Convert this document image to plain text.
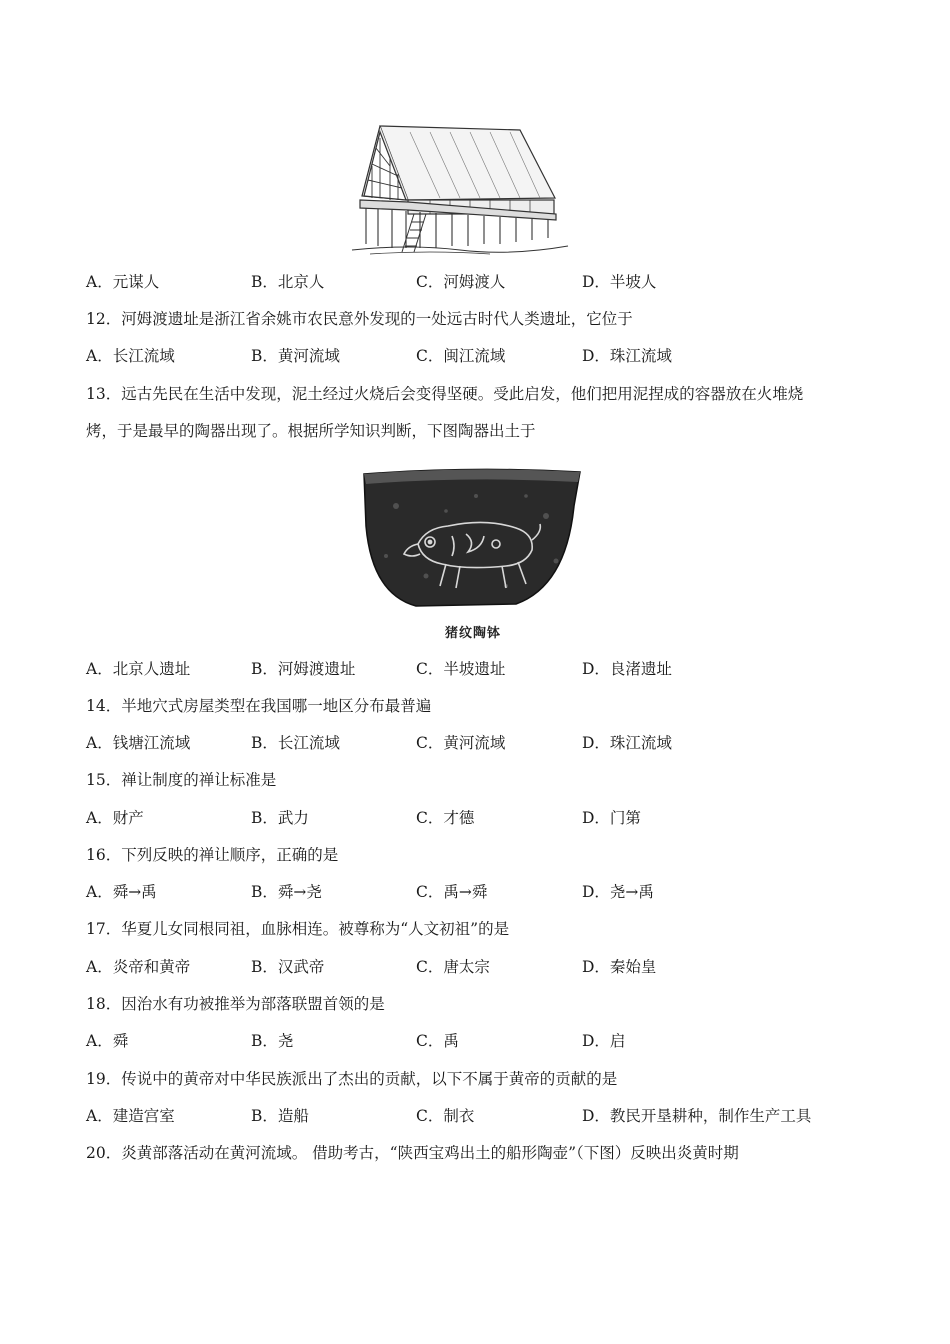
A．元谋人	B．北京人	C．河姆渡人	D．半坡人
12．河姆渡遗址是浙江省余姚市农民意外发现的一处远古时代人类遗址，它位于
A．长江流域	B．黄河流域	C．闽江流域	D．珠江流域
13．远古先民在生活中发现，泥土经过火烧后会变得坚硬。受此启发，他们把用泥捏成的容器放在火堆烧
烤，于是最早的陶器出现了。根据所学知识判断，下图陶器出土于
猪纹陶钵
A．北京人遗址	B．河姆渡遗址	C．半坡遗址	D．良渚遗址
14．半地穴式房屋类型在我国哪一地区分布最普遍
A．钱塘江流域	B．长江流域	C．黄河流域	D．珠江流域
15．禅让制度的禅让标准是
A．财产	B．武力	C．才德	D．门第
16．下列反映的禅让顺序，正确的是
A．舜→禹	B．舜→尧	C．禹→舜	D．尧→禹
17．华夏儿女同根同祖，血脉相连。被尊称为“人文初祖”的是
A．炎帝和黄帝	B．汉武帝	C．唐太宗	D．秦始皇
18．因治水有功被推举为部落联盟首领的是
A．舜	B．尧	C．禹	D．启
19．传说中的黄帝对中华民族派出了杰出的贡献，以下不属于黄帝的贡献的是
A．建造宫室	B．造船	C．制衣	D．教民开垦耕种，制作生产工具
20．炎黄部落活动在黄河流域。 借助考古，“陕西宝鸡出土的船形陶壶”（下图）反映出炎黄时期
